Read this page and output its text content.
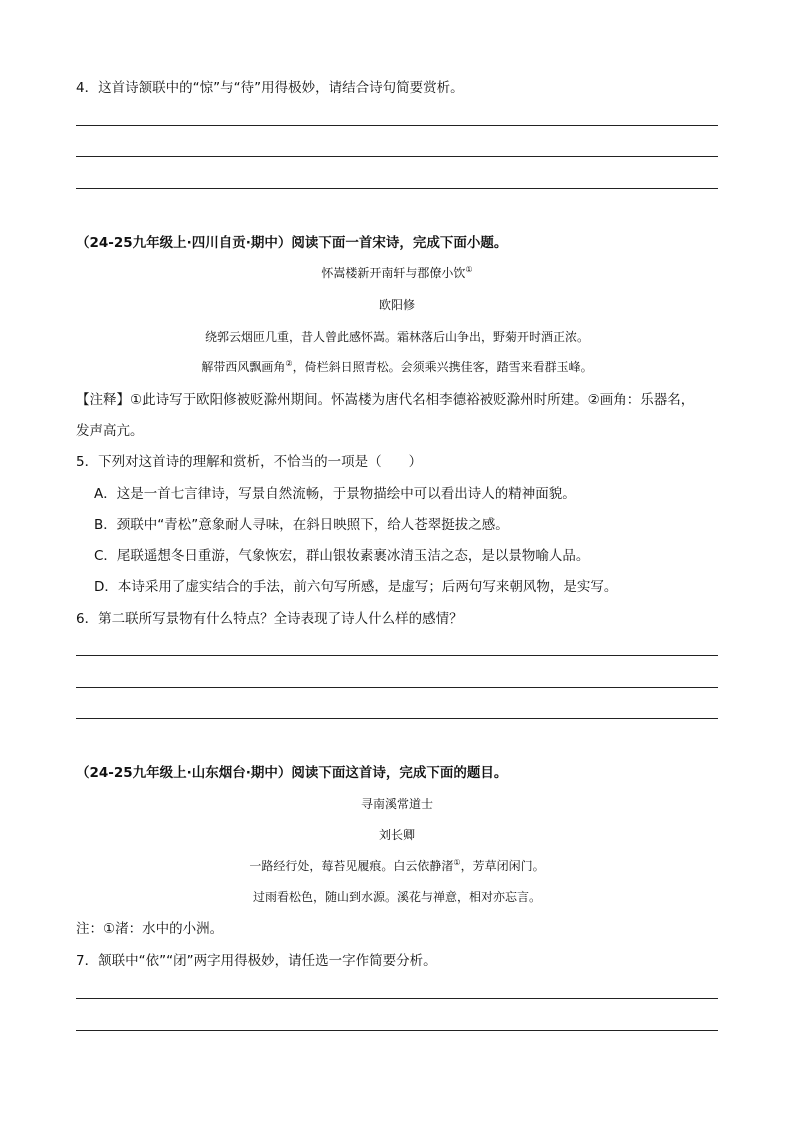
4．这首诗颔联中的“惊”与“待”用得极妙，请结合诗句简要赏析。
（24-25九年级上·四川自贡·期中）阅读下面一首宋诗，完成下面小题。
怀嵩楼新开南轩与郡僚小饮①
欧阳修
绕郭云烟匝几重，昔人曾此感怀嵩。霜林落后山争出，野菊开时酒正浓。
解带西风飘画角②，倚栏斜日照青松。会须乘兴携佳客，踏雪来看群玉峰。
【注释】①此诗写于欧阳修被贬滁州期间。怀嵩楼为唐代名相李德裕被贬滁州时所建。②画角：乐器名，
发声高亢。
5．下列对这首诗的理解和赏析，不恰当的一项是（　　）
A．这是一首七言律诗，写景自然流畅，于景物描绘中可以看出诗人的精神面貌。
B．颈联中“青松”意象耐人寻味，在斜日映照下，给人苍翠挺拔之感。
C．尾联遥想冬日重游，气象恢宏，群山银妆素裹冰清玉洁之态，是以景物喻人品。
D．本诗采用了虚实结合的手法，前六句写所感，是虚写；后两句写来朝风物，是实写。
6．第二联所写景物有什么特点？全诗表现了诗人什么样的感情？
（24-25九年级上·山东烟台·期中）阅读下面这首诗，完成下面的题目。
寻南溪常道士
刘长卿
一路经行处，莓苔见履痕。白云依静渚①，芳草闭闲门。
过雨看松色，随山到水源。溪花与禅意，相对亦忘言。
注：①渚：水中的小洲。
7．颔联中“依”“闭”两字用得极妙，请任选一字作简要分析。
